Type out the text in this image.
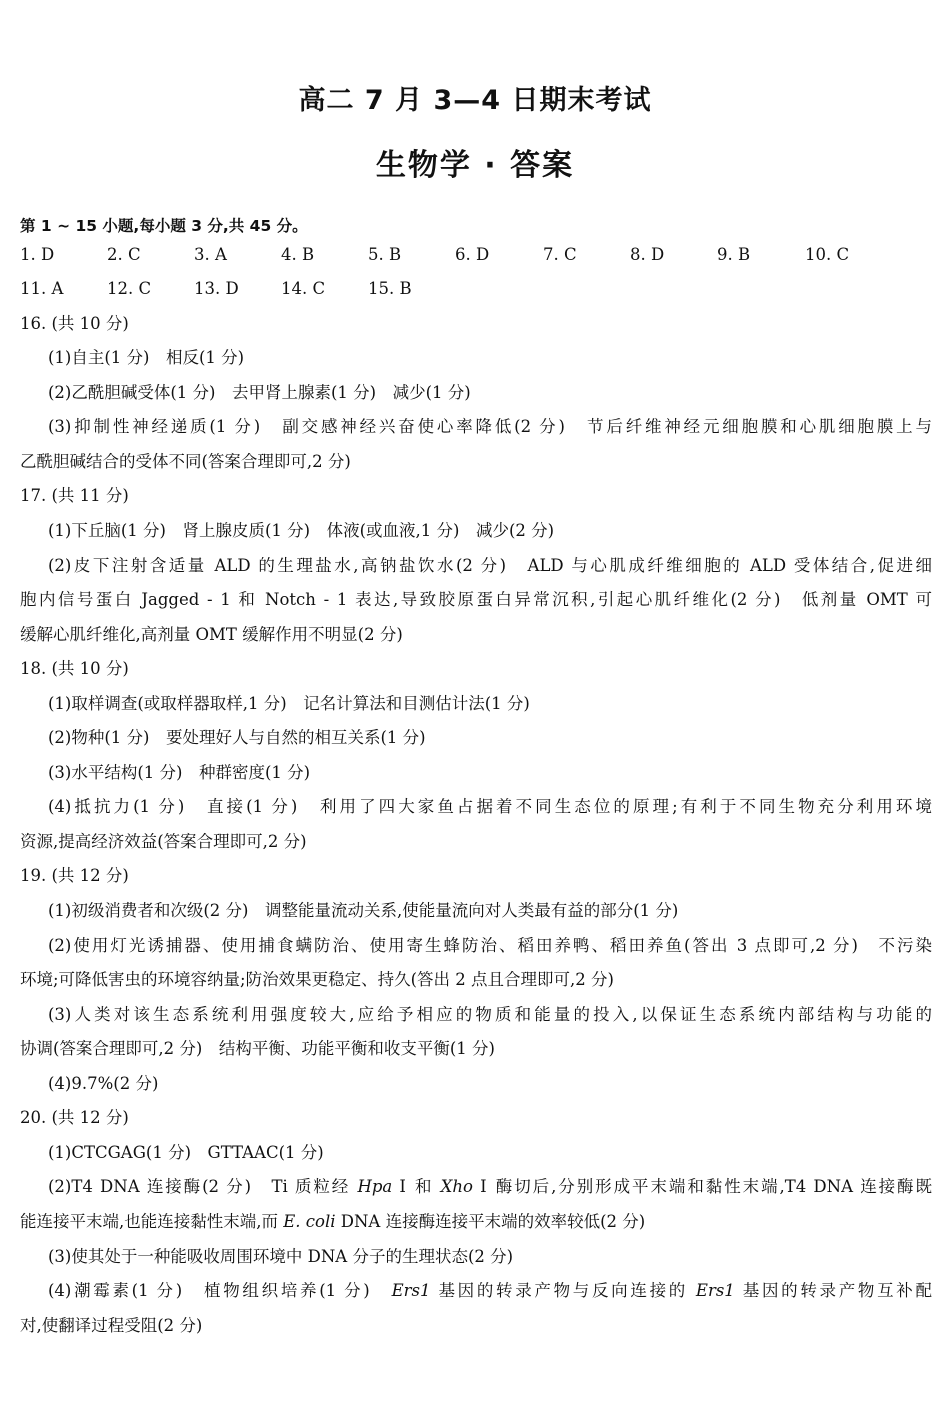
高二 7 月 3—4 日期末考试
生物学 · 答案
第 1 ~ 15 小题,每小题 3 分,共 45 分。
1. D	2. C	3. A	4. B	5. B	6. D	7. C	8. D	9. B	10. C
11. A	12. C	13. D	14. C	15. B
16. (共 10 分)
(1)自主(1 分)　相反(1 分)
(2)乙酰胆碱受体(1 分)　去甲肾上腺素(1 分)　减少(1 分)
(3)抑制性神经递质(1 分)　副交感神经兴奋使心率降低(2 分)　节后纤维神经元细胞膜和心肌细胞膜上与
乙酰胆碱结合的受体不同(答案合理即可,2 分)
17. (共 11 分)
(1)下丘脑(1 分)　肾上腺皮质(1 分)　体液(或血液,1 分)　减少(2 分)
(2)皮下注射含适量 ALD 的生理盐水,高钠盐饮水(2 分)　ALD 与心肌成纤维细胞的 ALD 受体结合,促进细
胞内信号蛋白 Jagged - 1 和 Notch - 1 表达,导致胶原蛋白异常沉积,引起心肌纤维化(2 分)　低剂量 OMT 可
缓解心肌纤维化,高剂量 OMT 缓解作用不明显(2 分)
18. (共 10 分)
(1)取样调查(或取样器取样,1 分)　记名计算法和目测估计法(1 分)
(2)物种(1 分)　要处理好人与自然的相互关系(1 分)
(3)水平结构(1 分)　种群密度(1 分)
(4)抵抗力(1 分)　直接(1 分)　利用了四大家鱼占据着不同生态位的原理;有利于不同生物充分利用环境
资源,提高经济效益(答案合理即可,2 分)
19. (共 12 分)
(1)初级消费者和次级(2 分)　调整能量流动关系,使能量流向对人类最有益的部分(1 分)
(2)使用灯光诱捕器、使用捕食螨防治、使用寄生蜂防治、稻田养鸭、稻田养鱼(答出 3 点即可,2 分)　不污染
环境;可降低害虫的环境容纳量;防治效果更稳定、持久(答出 2 点且合理即可,2 分)
(3)人类对该生态系统利用强度较大,应给予相应的物质和能量的投入,以保证生态系统内部结构与功能的
协调(答案合理即可,2 分)　结构平衡、功能平衡和收支平衡(1 分)
(4)9.7%(2 分)
20. (共 12 分)
(1)CTCGAG(1 分)　GTTAAC(1 分)
(2)T4 DNA 连接酶(2 分)　Ti 质粒经 Hpa Ⅰ 和 Xho Ⅰ 酶切后,分别形成平末端和黏性末端,T4 DNA 连接酶既
能连接平末端,也能连接黏性末端,而 E. coli DNA 连接酶连接平末端的效率较低(2 分)
(3)使其处于一种能吸收周围环境中 DNA 分子的生理状态(2 分)
(4)潮霉素(1 分)　植物组织培养(1 分)　Ers1 基因的转录产物与反向连接的 Ers1 基因的转录产物互补配
对,使翻译过程受阻(2 分)
